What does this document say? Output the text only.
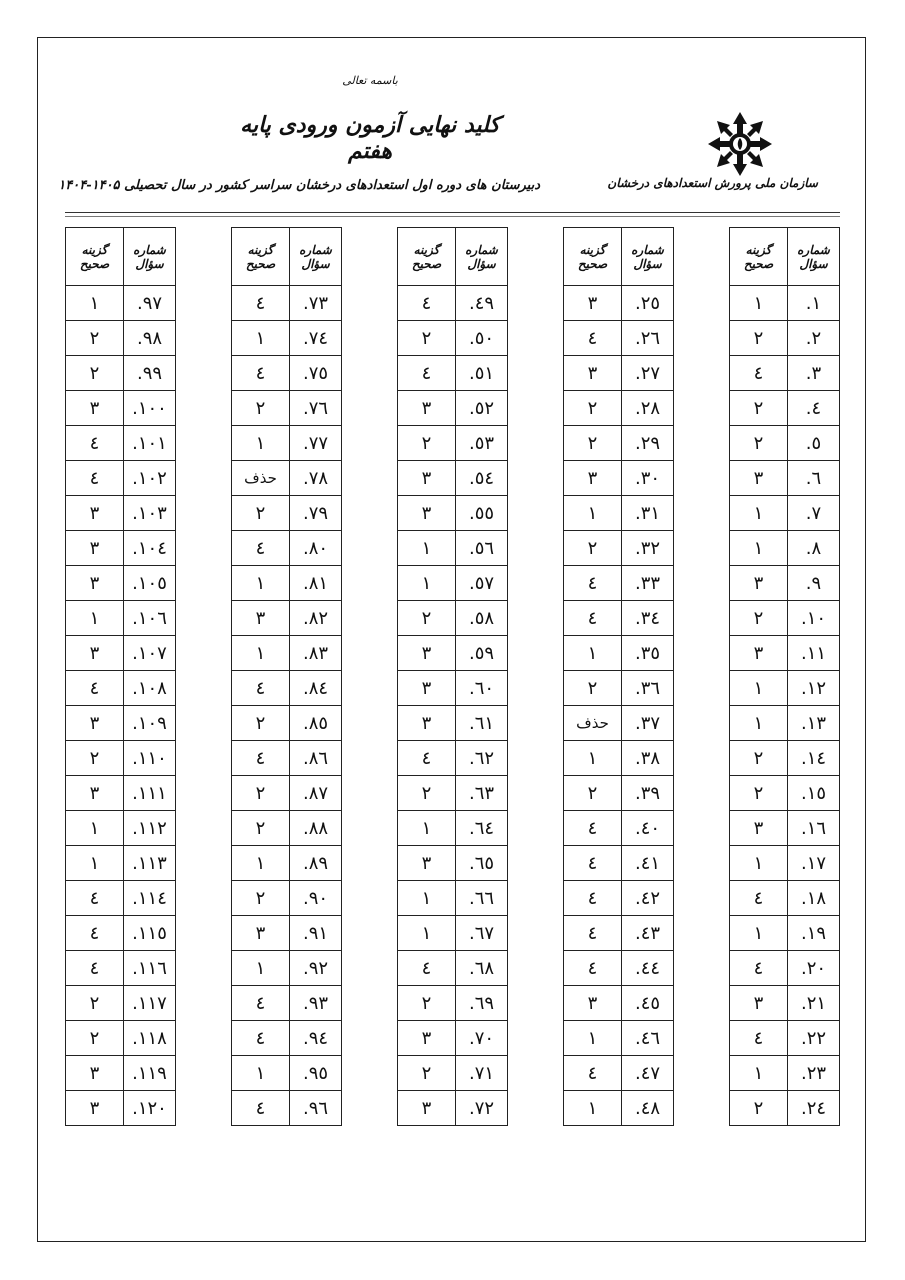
باسمه تعالی
کلید نهایی آزمون ورودی پایه هفتم
دبیرستان های دوره اول استعدادهای درخشان سراسر کشور در سال تحصیلی ۱۴۰۵-۱۴۰۴	سازمان ملی پرورش استعدادهای درخشان
گزینه صحیح	شماره سؤال
۱	.۹۷
۲	.۹۸
۲	.۹۹
۳	.۱۰۰
٤	.۱۰۱
٤	.۱۰۲
۳	.۱۰۳
۳	.۱۰٤
۳	.۱۰٥
۱	.۱۰٦
۳	.۱۰۷
٤	.۱۰۸
۳	.۱۰۹
۲	.۱۱۰
۳	.۱۱۱
۱	.۱۱۲
۱	.۱۱۳
٤	.۱۱٤
٤	.۱۱٥
٤	.۱۱٦
۲	.۱۱۷
۲	.۱۱۸
۳	.۱۱۹
۳	.۱۲۰
گزینه صحیح	شماره سؤال
٤	.۷۳
۱	.۷٤
٤	.۷٥
۲	.۷٦
۱	.۷۷
حذف	.۷۸
۲	.۷۹
٤	.۸۰
۱	.۸۱
۳	.۸۲
۱	.۸۳
٤	.۸٤
۲	.۸٥
٤	.۸٦
۲	.۸۷
۲	.۸۸
۱	.۸۹
۲	.۹۰
۳	.۹۱
۱	.۹۲
٤	.۹۳
٤	.۹٤
۱	.۹٥
٤	.۹٦
گزینه صحیح	شماره سؤال
٤	.٤۹
۲	.٥۰
٤	.٥۱
۳	.٥۲
۲	.٥۳
۳	.٥٤
۳	.٥٥
۱	.٥٦
۱	.٥۷
۲	.٥۸
۳	.٥۹
۳	.٦۰
۳	.٦۱
٤	.٦۲
۲	.٦۳
۱	.٦٤
۳	.٦٥
۱	.٦٦
۱	.٦۷
٤	.٦۸
۲	.٦۹
۳	.۷۰
۲	.۷۱
۳	.۷۲
گزینه صحیح	شماره سؤال
۳	.۲٥
٤	.۲٦
۳	.۲۷
۲	.۲۸
۲	.۲۹
۳	.۳۰
۱	.۳۱
۲	.۳۲
٤	.۳۳
٤	.۳٤
۱	.۳٥
۲	.۳٦
حذف	.۳۷
۱	.۳۸
۲	.۳۹
٤	.٤۰
٤	.٤۱
٤	.٤۲
٤	.٤۳
٤	.٤٤
۳	.٤٥
۱	.٤٦
٤	.٤۷
۱	.٤۸
گزینه صحیح	شماره سؤال
۱	.۱
۲	.۲
٤	.۳
۲	.٤
۲	.٥
۳	.٦
۱	.۷
۱	.۸
۳	.۹
۲	.۱۰
۳	.۱۱
۱	.۱۲
۱	.۱۳
۲	.۱٤
۲	.۱٥
۳	.۱٦
۱	.۱۷
٤	.۱۸
۱	.۱۹
٤	.۲۰
۳	.۲۱
٤	.۲۲
۱	.۲۳
۲	.۲٤
